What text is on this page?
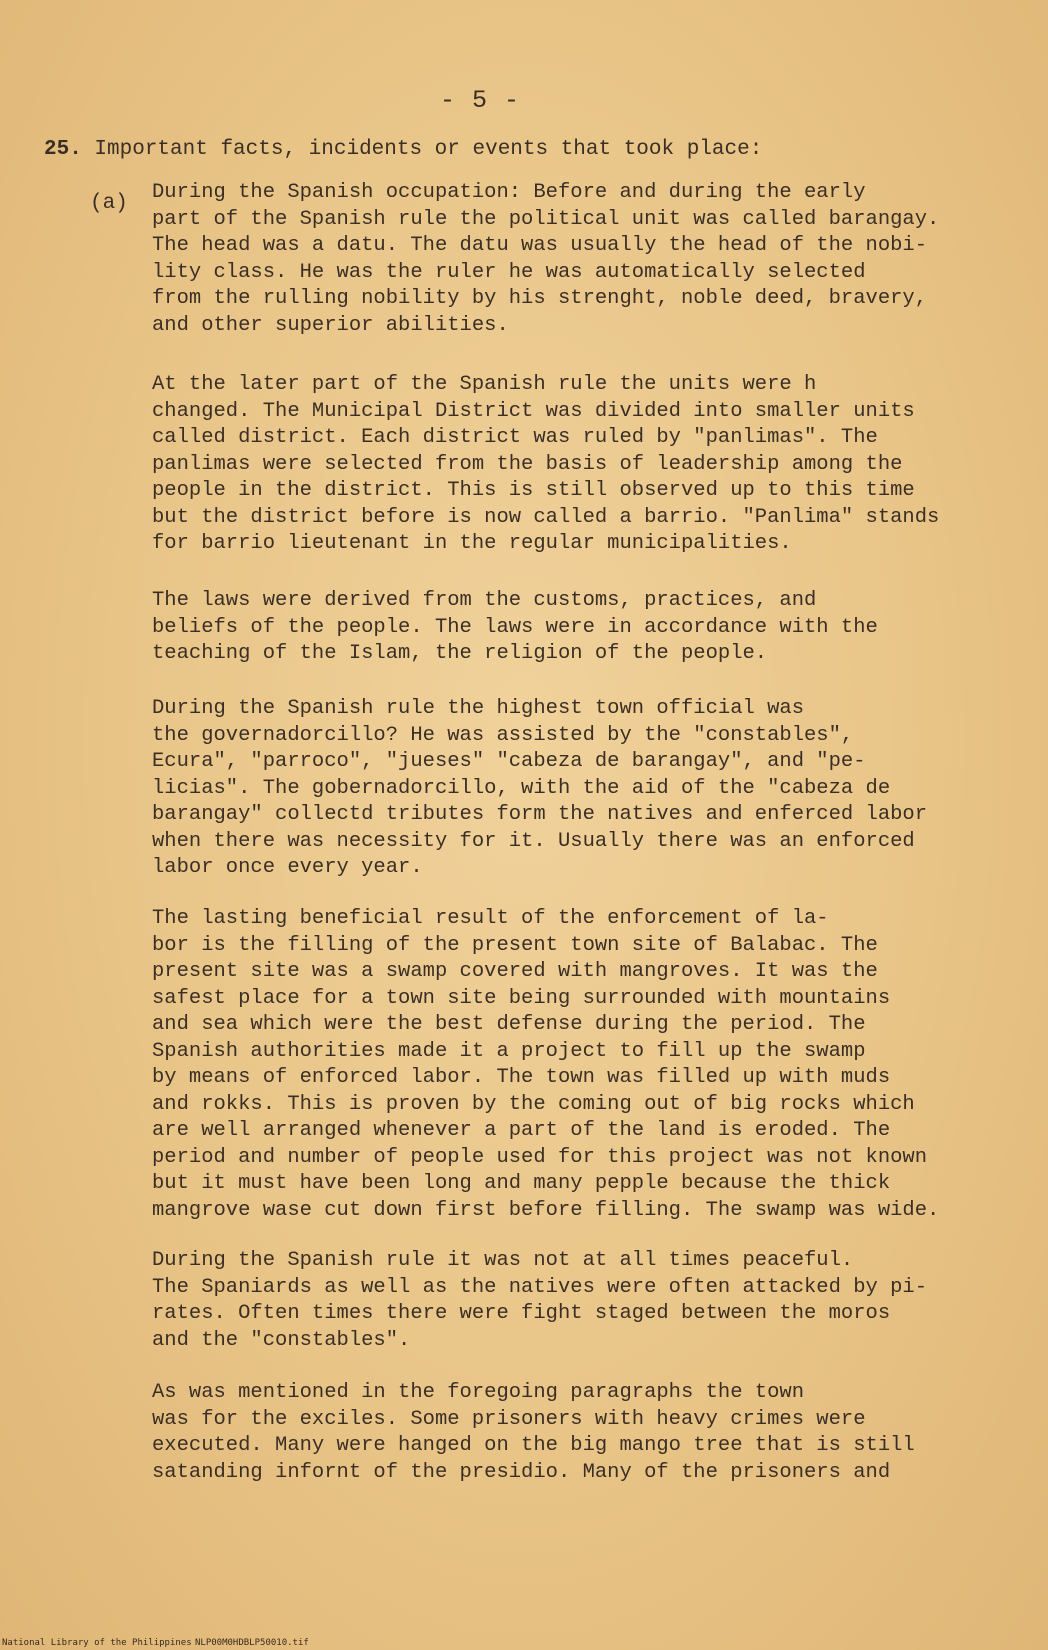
- 5 -
25. Important facts, incidents or events that took place:
(a) During the Spanish occupation: Before and during the early
part of the Spanish rule the political unit was called barangay.
The head was a datu. The datu was usually the head of the nobi-
lity class. He was the ruler he was automatically selected
from the rulling nobility by his strenght, noble deed, bravery,
and other superior abilities.
At the later part of the Spanish rule the units were h
changed. The Municipal District was divided into smaller units
called district. Each district was ruled by "panlimas". The
panlimas were selected from the basis of leadership among the
people in the district. This is still observed up to this time
but the district before is now called a barrio. "Panlima" stands
for barrio lieutenant in the regular municipalities.
The laws were derived from the customs, practices, and
beliefs of the people. The laws were in accordance with the
teaching of the Islam, the religion of the people.
During the Spanish rule the highest town official was
the governadorcillo? He was assisted by the "constables",
Ecura", "parroco", "jueses" "cabeza de barangay", and "pe-
licias". The gobernadorcillo, with the aid of the "cabeza de
barangay" collectd tributes form the natives and enferced labor
when there was necessity for it. Usually there was an enforced
labor once every year.
The lasting beneficial result of the enforcement of la-
bor is the filling of the present town site of Balabac. The
present site was a swamp covered with mangroves. It was the
safest place for a town site being surrounded with mountains
and sea which were the best defense during the period. The
Spanish authorities made it a project to fill up the swamp
by means of enforced labor. The town was filled up with muds
and rokks. This is proven by the coming out of big rocks which
are well arranged whenever a part of the land is eroded. The
period and number of people used for this project was not known
but it must have been long and many pepple because the thick
mangrove wase cut down first before filling. The swamp was wide.
During the Spanish rule it was not at all times peaceful.
The Spaniards as well as the natives were often attacked by pi-
rates. Often times there were fight staged between the moros
and the "constables".
As was mentioned in the foregoing paragraphs the town
was for the exciles. Some prisoners with heavy crimes were
executed. Many were hanged on the big mango tree that is still
satanding infornt of the presidio. Many of the prisoners and
National Library of the Philippines NLP00M0HDBLP50010.tif
